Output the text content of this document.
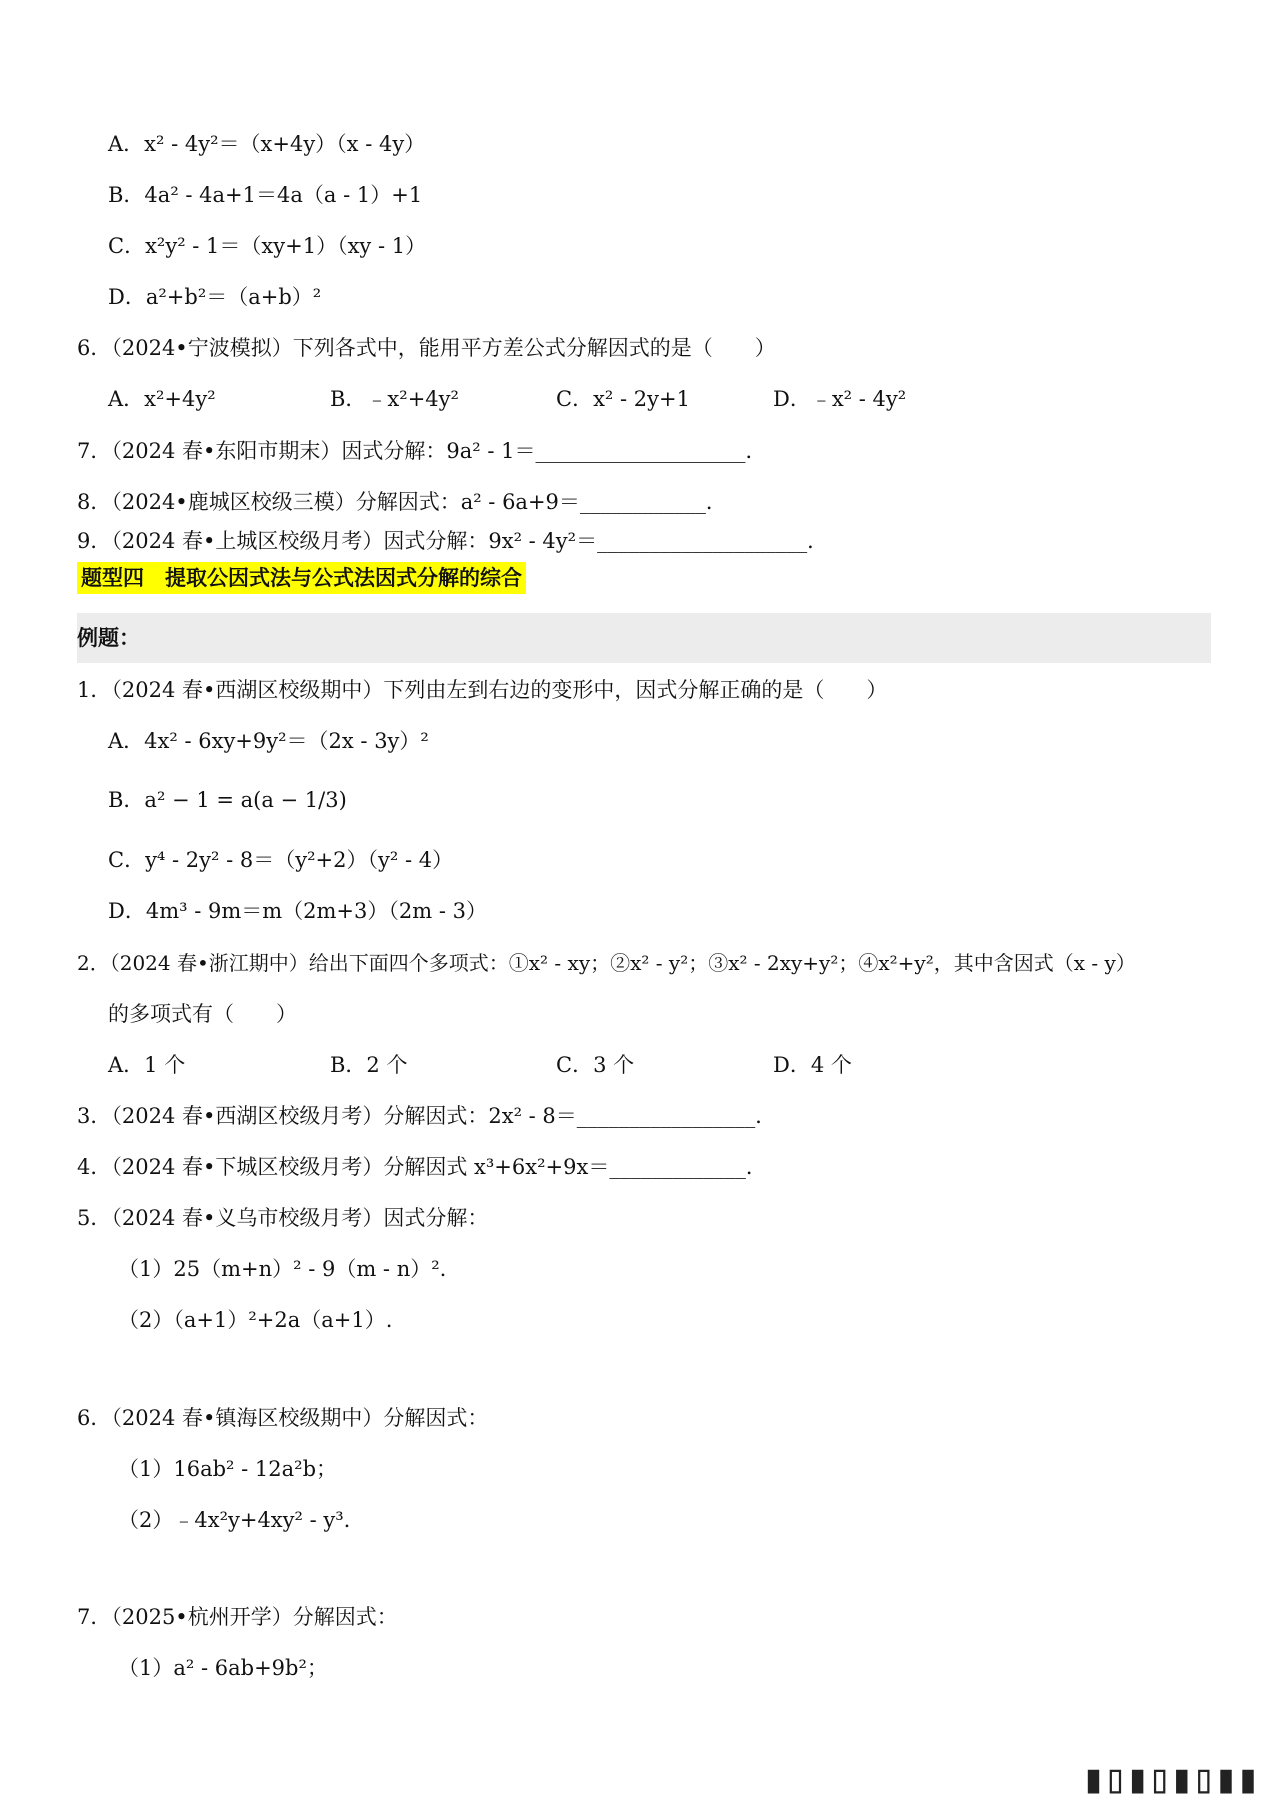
A．x² - 4y²＝（x+4y）（x - 4y）
B．4a² - 4a+1＝4a（a - 1）+1
C．x²y² - 1＝（xy+1）（xy - 1）
D．a²+b²＝（a+b）²
6．（2024•宁波模拟）下列各式中，能用平方差公式分解因式的是（　　）
A．x²+4y²	B．﹣x²+4y²	C．x² - 2y+1	D．﹣x² - 4y²
7．（2024 春•东阳市期末）因式分解：9a² - 1＝____________________．
8．（2024•鹿城区校级三模）分解因式：a² - 6a+9＝____________．
9．（2024 春•上城区校级月考）因式分解：9x² - 4y²＝____________________．
题型四　提取公因式法与公式法因式分解的综合
例题：
1．（2024 春•西湖区校级期中）下列由左到右边的变形中，因式分解正确的是（　　）
A．4x² - 6xy+9y²＝（2x - 3y）²
B．a² − 1 = a(a − 1/3)
C．y⁴ - 2y² - 8＝（y²+2）（y² - 4）
D．4m³ - 9m＝m（2m+3）（2m - 3）
2．（2024 春•浙江期中）给出下面四个多项式：①x² - xy；②x² - y²；③x² - 2xy+y²；④x²+y²，其中含因式（x - y）
的多项式有（　　）
A．1 个	B．2 个	C．3 个	D．4 个
3．（2024 春•西湖区校级月考）分解因式：2x² - 8＝_________________．
4．（2024 春•下城区校级月考）分解因式 x³+6x²+9x＝_____________．
5．（2024 春•义乌市校级月考）因式分解：
（1）25（m+n）² - 9（m - n）².
（2）（a+1）²+2a（a+1）.
6．（2024 春•镇海区校级期中）分解因式：
（1）16ab² - 12a²b；
（2）﹣4x²y+4xy² - y³.
7．（2025•杭州开学）分解因式：
（1）a² - 6ab+9b²；
▮▯▮▯▮▯▮▮
